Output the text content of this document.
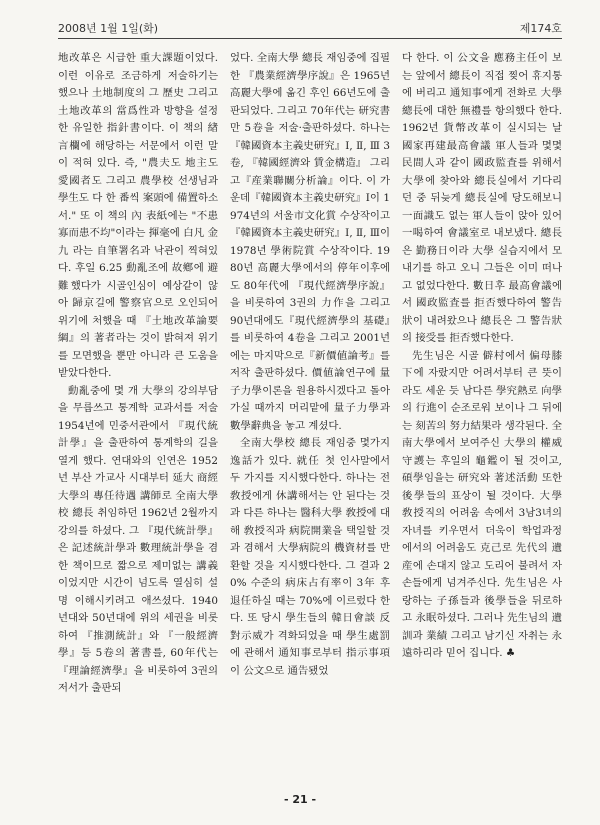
2008년 1월 1일(화)	제174호

地改革은 시급한 重大課題이었다. 이런 이유로 조금하게 저술하기는 했으나 土地制度의 그 歷史 그리고 土地改革의 當爲性과 방향을 설정한 유일한 指針書이다. 이 책의 緖言欄에 해당하는 서문에서 이런 말이 적혀 있다. 즉, "農夫도 地主도 愛國者도 그리고 農學校 선생님과 學生도 다 한 番씩 案頭에 備置하소서." 또 이 책의 內 表紙에는 "不患寡而患不均"이라는 揮毫에 白凡 金九 라는 自筆署名과 낙관이 찍혀있다. 후일 6.25 動亂조에 故鄕에 避難했다가 시골인심이 예상같이 않아 歸京길에 警察官으로 오인되어 위기에 처했을 때 『土地改革論要綱』의 著者라는 것이 밝혀져 위기를 모면했을 뿐만 아니라 큰 도움을 받았다한다.

動亂중에 몇 개 大學의 강의부담을 무릅쓰고 통계학 교과서를 저술 1954년에 민중서관에서 『現代統計學』을 출판하여 통계학의 길을 열게 했다. 연대와의 인연은 1952년 부산 가교사 시대부터 延大 商經大學의 專任待遇 講師로 全南大學校 總長 취임하던 1962년 2월까지 강의를 하셨다. 그 『現代統計學』은 記述統計學과 數理統計學을 겸한 책이므로 짧으로 제미없는 講義이었지만 시간이 넘도록 열심히 설명 이해시키려고 애쓰셨다. 1940년대와 50년대에 위의 세권을 비롯하여 『推測統計』와 『一般經濟學』등 5卷의 著書를, 60年代는 『理論經濟學』을 비롯하여 3권의 저서가 출판되

었다. 全南大學 總長 재임중에 집필한 『農業經濟學序說』은 1965년 高麗大學에 옮긴 후인 66년도에 출판되었다. 그리고 70年代는 研究書만 5卷을 저술·출판하셨다. 하나는『韓國資本主義史研究』Ⅰ, Ⅱ, Ⅲ 3卷, 『韓國經濟와 賃金構造』 그리고『産業聯關分析論』이다. 이 가운데『韓國資本主義史研究』Ⅰ이 1974년의 서울市文化賞 수상작이고 『韓國資本主義史研究』Ⅰ, Ⅱ, Ⅲ이 1978년 學術院賞 수상작이다. 1980년 高麗大學에서의 停年이후에도 80年代에 『現代經濟學序說』을 비롯하여 3권의 力作을 그리고 90년대에도『現代經濟學의 基礎』를 비롯하여 4卷을 그리고 2001년에는 마지막으로『新價値論考』를 저작 출판하셨다. 價値論연구에 量子力學이론을 원용하시겠다고 돌아가실 때까지 머리맡에 量子力學과 數學辭典을 놓고 계셨다.

全南大學校 總長 재임중 몇가지 逸話가 있다. 就任 첫 인사말에서 두 가지를 지시했다한다. 하나는 전 敎授에게 休講해서는 안 된다는 것과 다른 하나는 醫科大學 敎授에 대해 敎授직과 病院開業을 택일할 것과 겸해서 大學病院의 機資材를 반환할 것을 지시했다한다. 그 결과 20% 수준의 病床占有率이 3年 후 退任하실 때는 70%에 이르렀다 한다. 또 당시 學生들의 韓日會談 反對示威가 격화되었을 때 學生處罰에 관해서 通知事로부터 指示事項이 公文으로 通告됐었

다 한다. 이 公文을 應務主任이 보는 앞에서 總長이 직접 찢어 휴지통에 버리고 通知事에게 전화로 大學總長에 대한 無禮를 항의했다 한다. 1962년 貨幣改革이 실시되는 날 國家再建最高會議 軍人들과 몇몇 民間人과 같이 國政監査를 위해서 大學에 찾아와 總長실에서 기다리던 중 뒤늦게 總長실에 당도해보니 一面識도 없는 軍人들이 앉아 있어 一喝하여 會議室로 내보냈다. 總長은 勤務日이라 大學 실습지에서 모내기를 하고 오니 그들은 이미 떠나고 없었다한다. 數日후 最高會議에서 國政監査를 拒否했다하여 警告狀이 내려왔으나 總長은 그 警告狀의 接受를 拒否했다한다.

先生님은 시골 僻村에서 偏母膝下에 자랐지만 어려서부터 큰 뜻이라도 세운 듯 남다른 學究熱로 向學의 行進이 순조로워 보이나 그 뒤에는 刻苦의 努力結果라 생각된다. 全南大學에서 보여주신 大學의 權威守護는 후일의 龜鑑이 될 것이고, 碩學임을는 研究와 著述活動 또한 後學들의 표상이 될 것이다. 大學 敎授직의 어려움 속에서 3남3녀의 자녀를 키우면서 더욱이 학업과정에서의 어려움도 克己로 先代의 遺産에 손대지 않고 도리어 불려서 자손들에게 넘겨주신다. 先生님은 사랑하는 子孫들과 後學들을 뒤로하고 永眠하셨다. 그러나 先生님의 遺訓과 業績 그리고 남기신 자취는 永遠하리라 믿어 집니다. ♣

- 21 -
